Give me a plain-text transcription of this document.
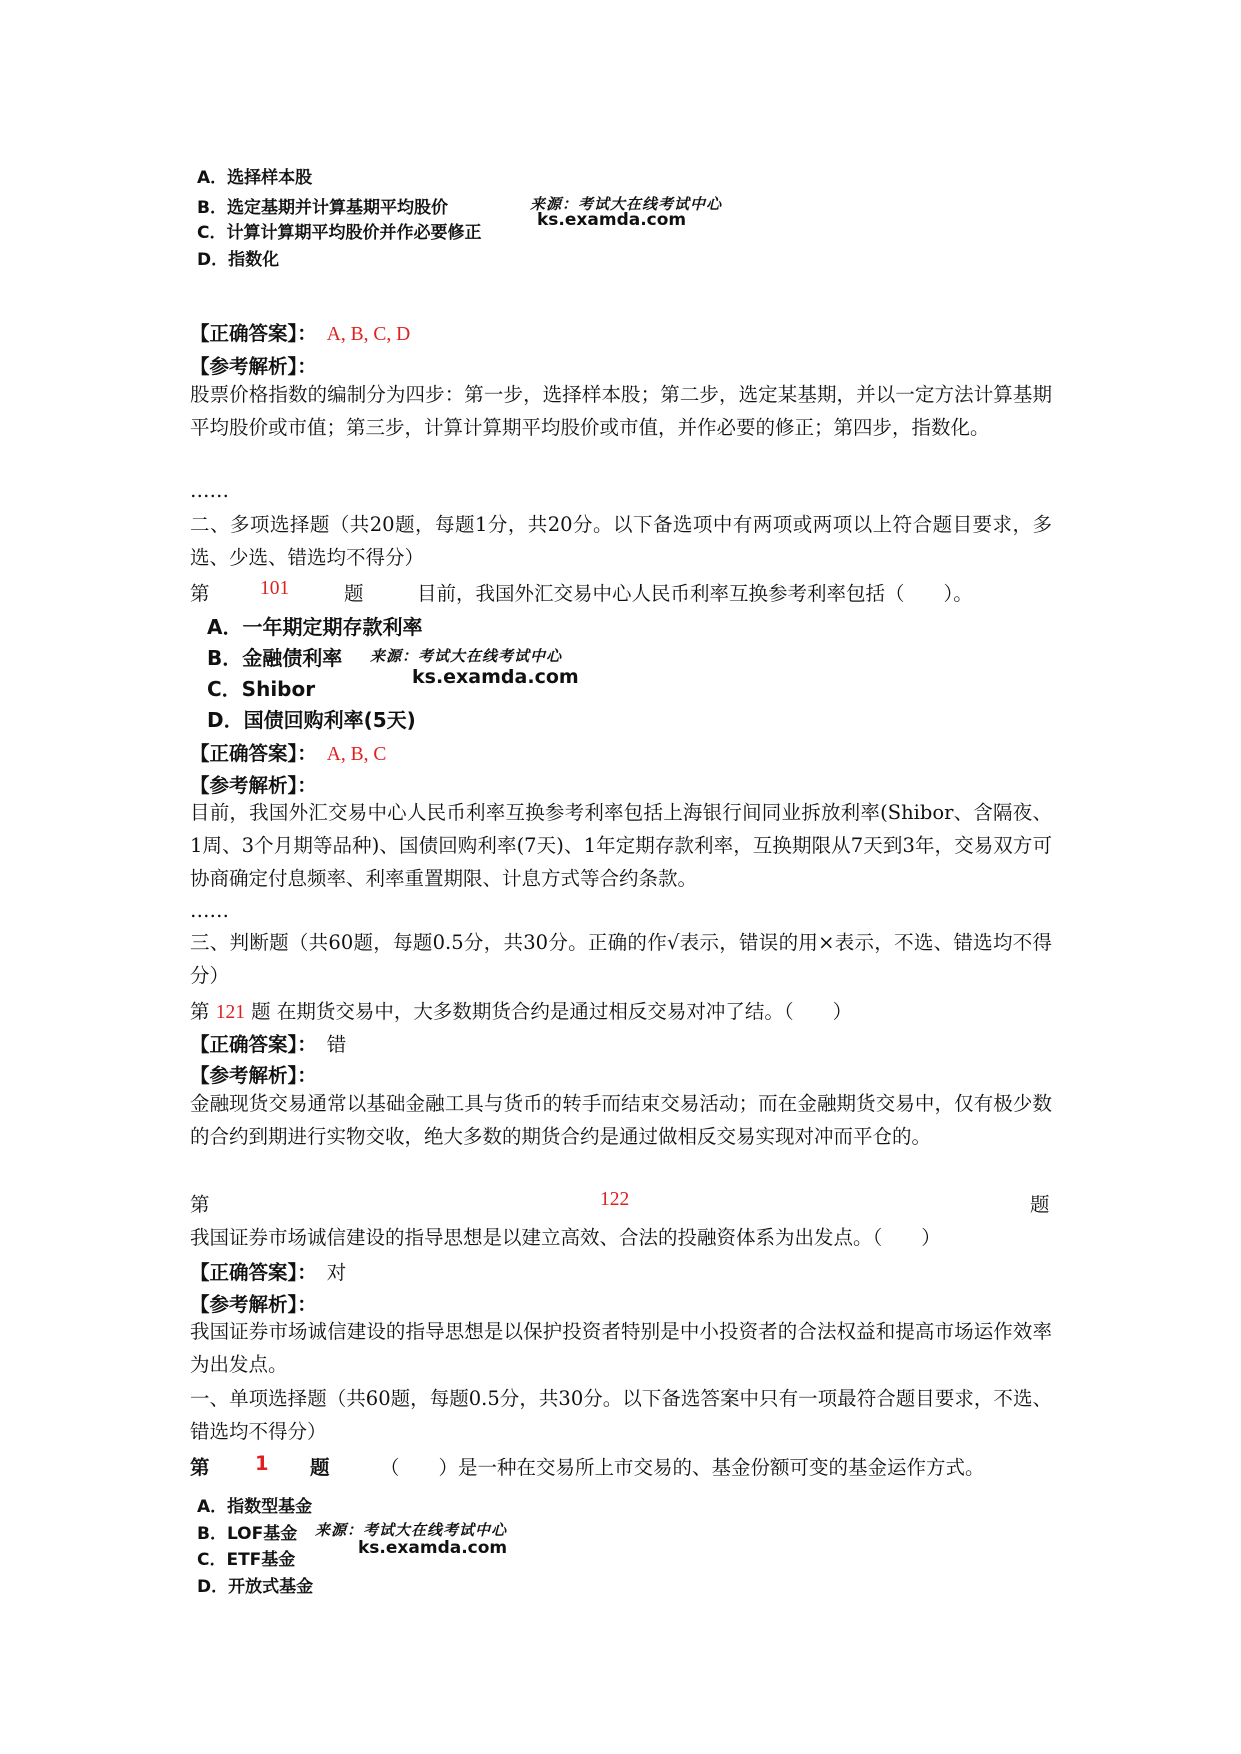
A．选择样本股
B．选定基期并计算基期平均股价	来源：考试大在线考试中心
C．计算计算期平均股价并作必要修正
ks.examda.com
D．指数化
【正确答案】： A, B, C, D
【参考解析】：
股票价格指数的编制分为四步：第一步，选择样本股；第二步，选定某基期，并以一定方法计算基期平均股价或市值；第三步，计算计算期平均股价或市值，并作必要的修正；第四步，指数化。
……
二、多项选择题（共20题，每题1分，共20分。以下备选项中有两项或两项以上符合题目要求，多选、少选、错选均不得分）
第	101	题	目前，我国外汇交易中心人民币利率互换参考利率包括（　　）。
A．一年期定期存款利率
B．金融债利率 来源：考试大在线考试中心
C．Shibor	ks.examda.com
D．国债回购利率(5天)
【正确答案】： A, B, C
【参考解析】：
目前，我国外汇交易中心人民币利率互换参考利率包括上海银行间同业拆放利率(Shibor、含隔夜、1周、3个月期等品种)、国债回购利率(7天)、1年定期存款利率，互换期限从7天到3年，交易双方可协商确定付息频率、利率重置期限、计息方式等合约条款。
……
三、判断题（共60题，每题0.5分，共30分。正确的作√表示，错误的用×表示，不选、错选均不得分）
第 121 题 在期货交易中，大多数期货合约是通过相反交易对冲了结。（　　）
【正确答案】： 错
【参考解析】：
金融现货交易通常以基础金融工具与货币的转手而结束交易活动；而在金融期货交易中，仅有极少数的合约到期进行实物交收，绝大多数的期货合约是通过做相反交易实现对冲而平仓的。
第	122	题
我国证券市场诚信建设的指导思想是以建立高效、合法的投融资体系为出发点。（　　）
【正确答案】： 对
【参考解析】：
我国证券市场诚信建设的指导思想是以保护投资者特别是中小投资者的合法权益和提高市场运作效率为出发点。
一、单项选择题（共60题，每题0.5分，共30分。以下备选答案中只有一项最符合题目要求，不选、错选均不得分）
第 1 题	（　　）是一种在交易所上市交易的、基金份额可变的基金运作方式。
A．指数型基金
B．LOF基金 来源：考试大在线考试中心
C．ETF基金
ks.examda.com
D．开放式基金
